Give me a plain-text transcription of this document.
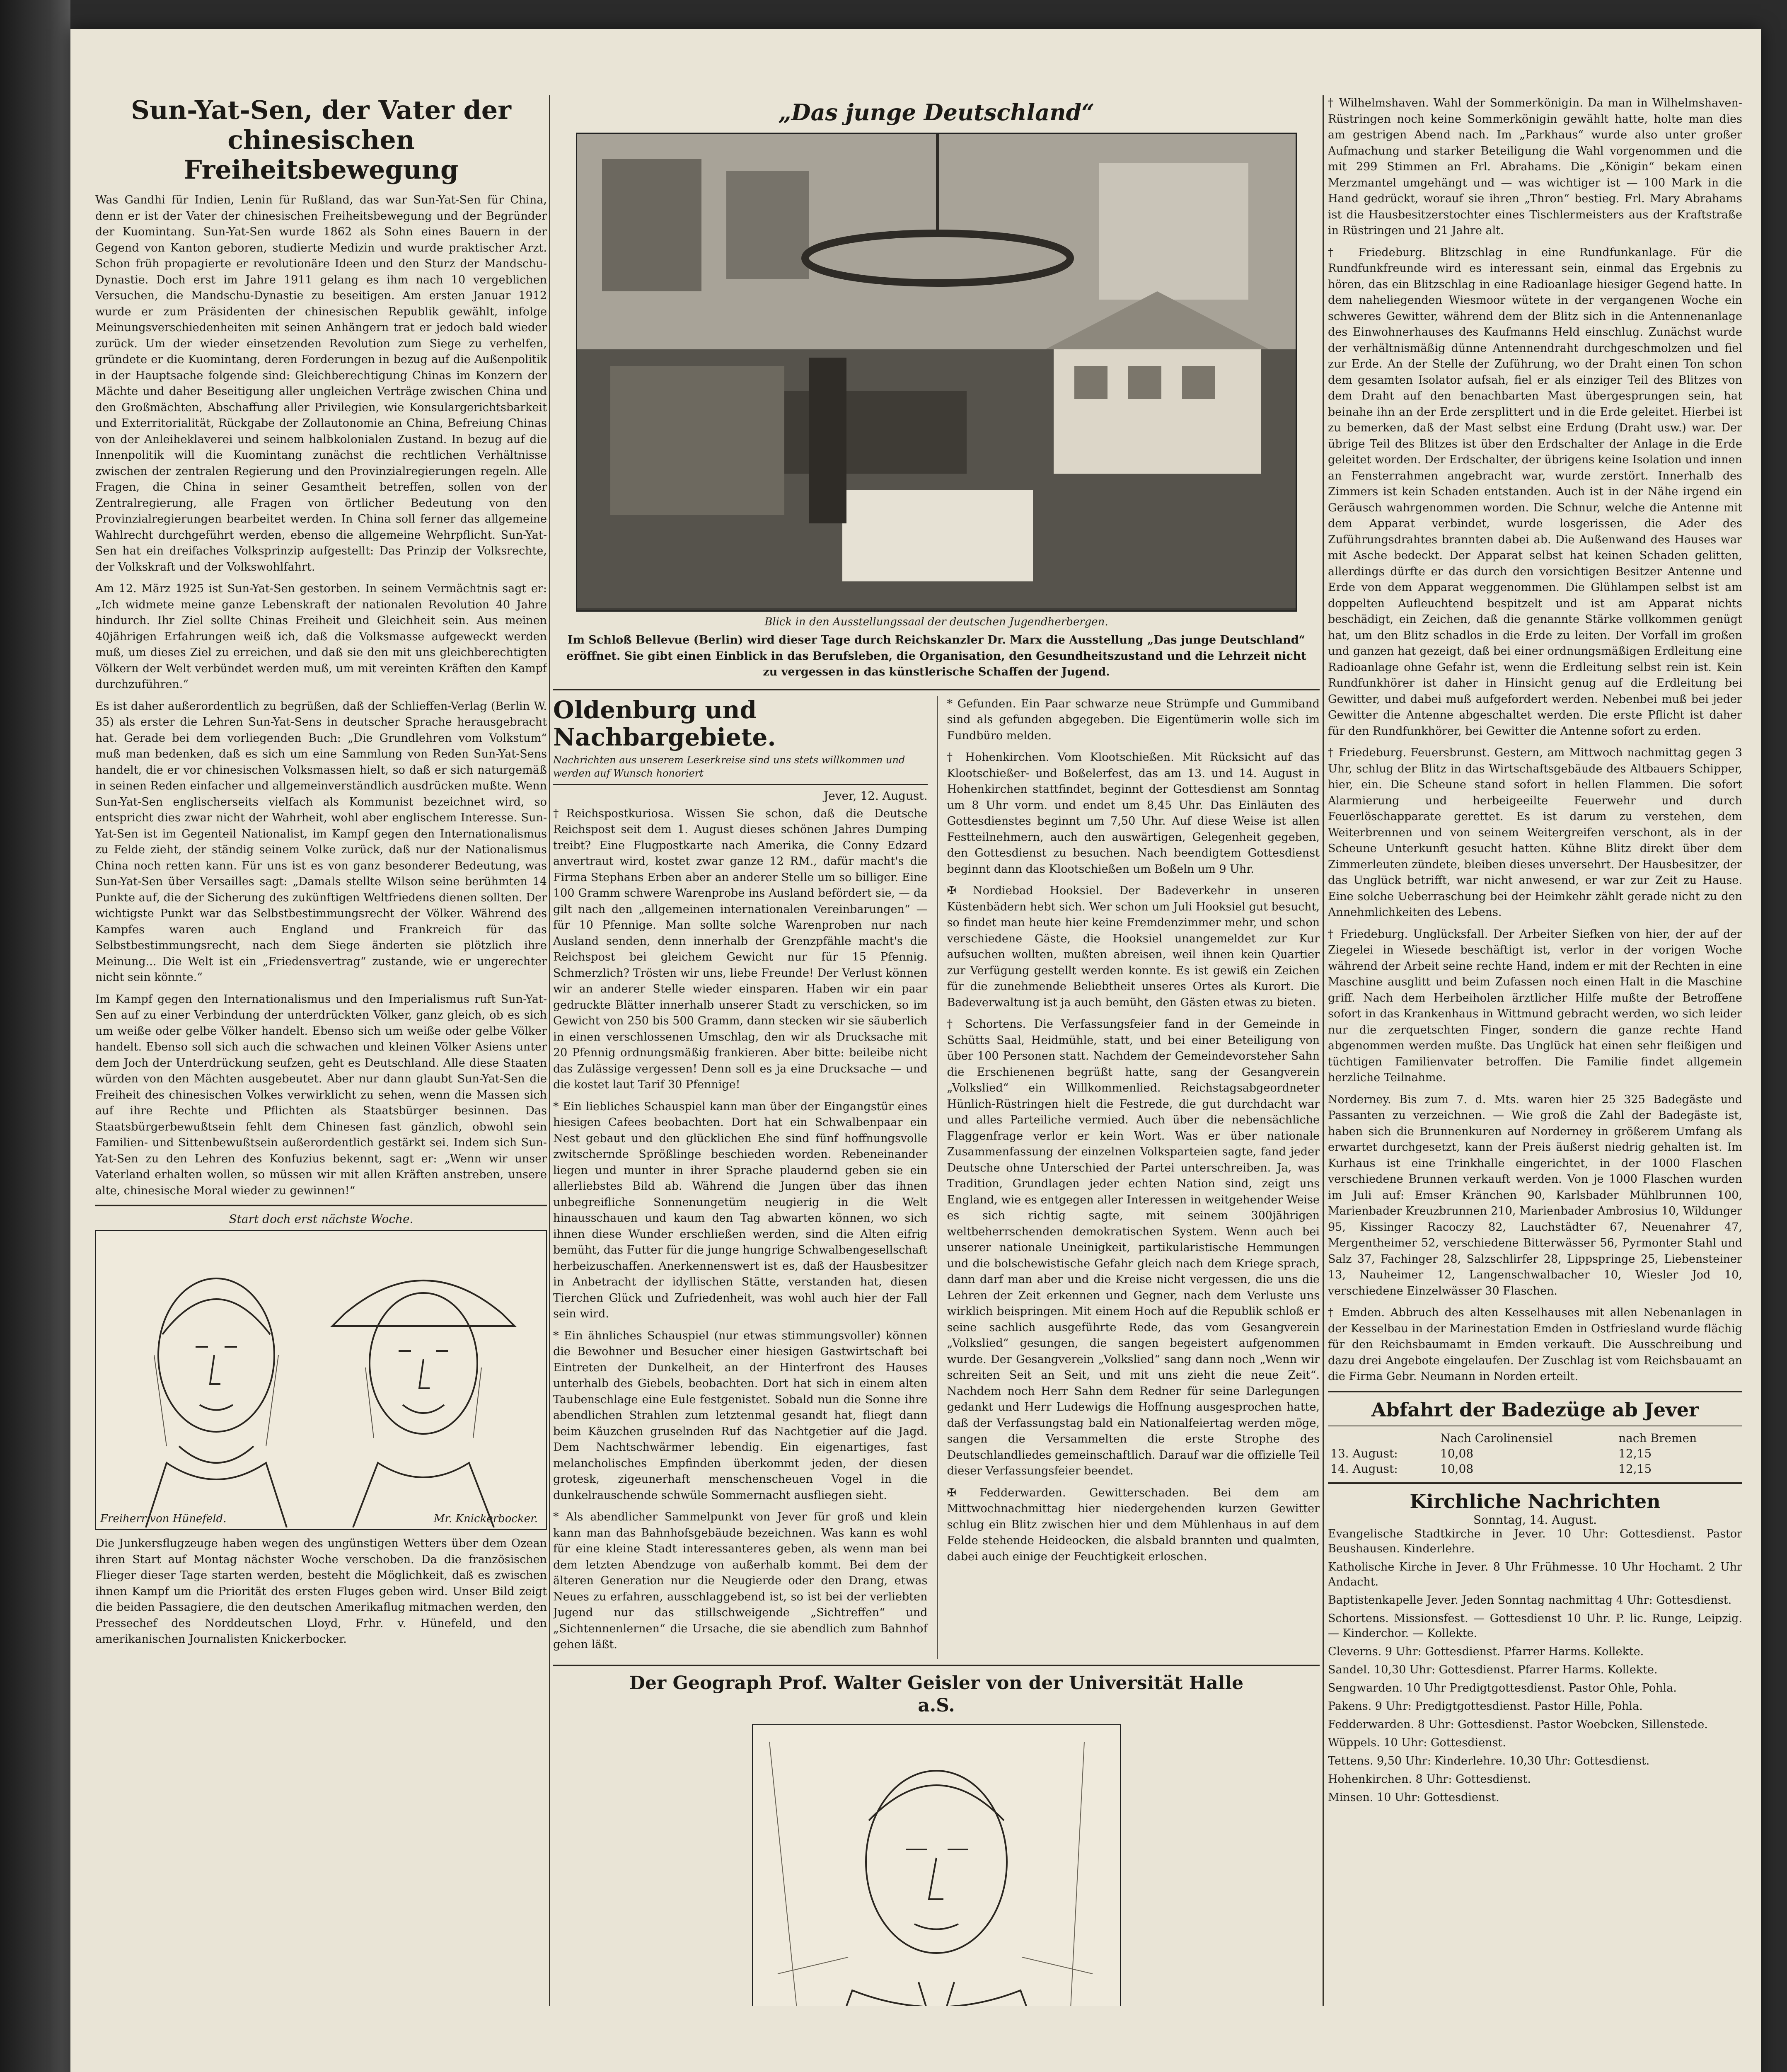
Sun-Yat-Sen, der Vater der chinesischen Freiheitsbewegung

Was Gandhi für Indien, Lenin für Rußland, das war Sun-Yat-Sen für China, denn er ist der Vater der chinesischen Freiheitsbewegung und der Begründer der Kuomintang. Sun-Yat-Sen wurde 1862 als Sohn eines Bauern in der Gegend von Kanton geboren, studierte Medizin und wurde praktischer Arzt. Schon früh propagierte er revolutionäre Ideen und den Sturz der Mandschu-Dynastie. Doch erst im Jahre 1911 gelang es ihm nach 10 vergeblichen Versuchen, die Mandschu-Dynastie zu beseitigen. Am ersten Januar 1912 wurde er zum Präsidenten der chinesischen Republik gewählt, infolge Meinungsverschiedenheiten mit seinen Anhängern trat er jedoch bald wieder zurück. Um der wieder einsetzenden Revolution zum Siege zu verhelfen, gründete er die Kuomintang, deren Forderungen in bezug auf die Außenpolitik in der Hauptsache folgende sind: Gleichberechtigung Chinas im Konzern der Mächte und daher Beseitigung aller ungleichen Verträge zwischen China und den Großmächten, Abschaffung aller Privilegien, wie Konsulargerichtsbarkeit und Exterritorialität, Rückgabe der Zollautonomie an China, Befreiung Chinas von der Anleiheklaverei und seinem halbkolonialen Zustand. In bezug auf die Innenpolitik will die Kuomintang zunächst die rechtlichen Verhältnisse zwischen der zentralen Regierung und den Provinzialregierungen regeln. Alle Fragen, die China in seiner Gesamtheit betreffen, sollen von der Zentralregierung, alle Fragen von örtlicher Bedeutung von den Provinzialregierungen bearbeitet werden. In China soll ferner das allgemeine Wahlrecht durchgeführt werden, ebenso die allgemeine Wehrpflicht. Sun-Yat-Sen hat ein dreifaches Volksprinzip aufgestellt: Das Prinzip der Volksrechte, der Volkskraft und der Volkswohlfahrt.

Am 12. März 1925 ist Sun-Yat-Sen gestorben. In seinem Vermächtnis sagt er: „Ich widmete meine ganze Lebenskraft der nationalen Revolution 40 Jahre hindurch. Ihr Ziel sollte Chinas Freiheit und Gleichheit sein. Aus meinen 40jährigen Erfahrungen weiß ich, daß die Volksmasse aufgeweckt werden muß, um dieses Ziel zu erreichen, und daß sie den mit uns gleichberechtigten Völkern der Welt verbündet werden muß, um mit vereinten Kräften den Kampf durchzuführen.“

Es ist daher außerordentlich zu begrüßen, daß der Schlieffen-Verlag (Berlin W. 35) als erster die Lehren Sun-Yat-Sens in deutscher Sprache herausgebracht hat. Gerade bei dem vorliegenden Buch: „Die Grundlehren vom Volkstum“ muß man bedenken, daß es sich um eine Sammlung von Reden Sun-Yat-Sens handelt, die er vor chinesischen Volksmassen hielt, so daß er sich naturgemäß in seinen Reden einfacher und allgemeinverständlich ausdrücken mußte. Wenn Sun-Yat-Sen englischerseits vielfach als Kommunist bezeichnet wird, so entspricht dies zwar nicht der Wahrheit, wohl aber englischem Interesse. Sun-Yat-Sen ist im Gegenteil Nationalist, im Kampf gegen den Internationalismus zu Felde zieht, der ständig seinem Volke zurück, daß nur der Nationalismus China noch retten kann. Für uns ist es von ganz besonderer Bedeutung, was Sun-Yat-Sen über Versailles sagt: „Damals stellte Wilson seine berühmten 14 Punkte auf, die der Sicherung des zukünftigen Weltfriedens dienen sollten. Der wichtigste Punkt war das Selbstbestimmungsrecht der Völker. Während des Kampfes waren auch England und Frankreich für das Selbstbestimmungsrecht, nach dem Siege änderten sie plötzlich ihre Meinung... Die Welt ist ein „Friedensvertrag“ zustande, wie er ungerechter nicht sein könnte.“

Im Kampf gegen den Internationalismus und den Imperialismus ruft Sun-Yat-Sen auf zu einer Verbindung der unterdrückten Völker, ganz gleich, ob es sich um weiße oder gelbe Völker handelt. Ebenso sich um weiße oder gelbe Völker handelt. Ebenso soll sich auch die schwachen und kleinen Völker Asiens unter dem Joch der Unterdrückung seufzen, geht es Deutschland. Alle diese Staaten würden von den Mächten ausgebeutet. Aber nur dann glaubt Sun-Yat-Sen die Freiheit des chinesischen Volkes verwirklicht zu sehen, wenn die Massen sich auf ihre Rechte und Pflichten als Staatsbürger besinnen. Das Staatsbürgerbewußtsein fehlt dem Chinesen fast gänzlich, obwohl sein Familien- und Sittenbewußtsein außerordentlich gestärkt sei. Indem sich Sun-Yat-Sen zu den Lehren des Konfuzius bekennt, sagt er: „Wenn wir unser Vaterland erhalten wollen, so müssen wir mit allen Kräften anstreben, unsere alte, chinesische Moral wieder zu gewinnen!“

Start doch erst nächste Woche.
Freiherr von Hünefeld.	Mr. Knickerbocker.

Die Junkersflugzeuge haben wegen des ungünstigen Wetters über dem Ozean ihren Start auf Montag nächster Woche verschoben. Da die französischen Flieger dieser Tage starten werden, besteht die Möglichkeit, daß es zwischen ihnen Kampf um die Priorität des ersten Fluges geben wird. Unser Bild zeigt die beiden Passagiere, die den deutschen Amerikaflug mitmachen werden, den Pressechef des Norddeutschen Lloyd, Frhr. v. Hünefeld, und den amerikanischen Journalisten Knickerbocker.

„Das junge Deutschland“
Blick in den Ausstellungssaal der deutschen Jugendherbergen.

Im Schloß Bellevue (Berlin) wird dieser Tage durch Reichskanzler Dr. Marx die Ausstellung „Das junge Deutschland“ eröffnet. Sie gibt einen Einblick in das Berufsleben, die Organisation, den Gesundheitszustand und die Lehrzeit nicht zu vergessen in das künstlerische Schaffen der Jugend.

Oldenburg und Nachbargebiete.
Nachrichten aus unserem Leserkreise sind uns stets willkommen und werden auf Wunsch honoriert
Jever, 12. August.

†Reichspostkuriosa. Wissen Sie schon, daß die Deutsche Reichspost seit dem 1. August dieses schönen Jahres Dumping treibt? Eine Flugpostkarte nach Amerika, die Conny Edzard anvertraut wird, kostet zwar ganze 12 RM., dafür macht's die Firma Stephans Erben aber an anderer Stelle um so billiger. Eine 100 Gramm schwere Warenprobe ins Ausland befördert sie, — da gilt nach den „allgemeinen internationalen Vereinbarungen“ — für 10 Pfennige. Man sollte solche Warenproben nur nach Ausland senden, denn innerhalb der Grenzpfähle macht's die Reichspost bei gleichem Gewicht nur für 15 Pfennig. Schmerzlich? Trösten wir uns, liebe Freunde! Der Verlust können wir an anderer Stelle wieder einsparen. Haben wir ein paar gedruckte Blätter innerhalb unserer Stadt zu verschicken, so im Gewicht von 250 bis 500 Gramm, dann stecken wir sie säuberlich in einen verschlossenen Umschlag, den wir als Drucksache mit 20 Pfennig ordnungsmäßig frankieren. Aber bitte: beileibe nicht das Zulässige vergessen! Denn soll es ja eine Drucksache — und die kostet laut Tarif 30 Pfennige!

* Ein liebliches Schauspiel kann man über der Eingangstür eines hiesigen Cafees beobachten. Dort hat ein Schwalbenpaar ein Nest gebaut und den glücklichen Ehe sind fünf hoffnungsvolle zwitschernde Sprößlinge beschieden worden. Rebeneinander liegen und munter in ihrer Sprache plaudernd geben sie ein allerliebstes Bild ab. Während die Jungen über das ihnen unbegreifliche Sonnenungetüm neugierig in die Welt hinausschauen und kaum den Tag abwarten können, wo sich ihnen diese Wunder erschließen werden, sind die Alten eifrig bemüht, das Futter für die junge hungrige Schwalbengesellschaft herbeizuschaffen. Anerkennenswert ist es, daß der Hausbesitzer in Anbetracht der idyllischen Stätte, verstanden hat, diesen Tierchen Glück und Zufriedenheit, was wohl auch hier der Fall sein wird.

* Ein ähnliches Schauspiel (nur etwas stimmungsvoller) können die Bewohner und Besucher einer hiesigen Gastwirtschaft bei Eintreten der Dunkelheit, an der Hinterfront des Hauses unterhalb des Giebels, beobachten. Dort hat sich in einem alten Taubenschlage eine Eule festgenistet. Sobald nun die Sonne ihre abendlichen Strahlen zum letztenmal gesandt hat, fliegt dann beim Käuzchen gruselnden Ruf das Nachtgetier auf die Jagd. Dem Nachtschwärmer lebendig. Ein eigenartiges, fast melancholisches Empfinden überkommt jeden, der diesen grotesk, zigeunerhaft menschenscheuen Vogel in die dunkelrauschende schwüle Sommernacht ausfliegen sieht.

* Als abendlicher Sammelpunkt von Jever für groß und klein kann man das Bahnhofsgebäude bezeichnen. Was kann es wohl für eine kleine Stadt interessanteres geben, als wenn man bei dem letzten Abendzuge von außerhalb kommt. Bei dem der älteren Generation nur die Neugierde oder den Drang, etwas Neues zu erfahren, ausschlaggebend ist, so ist bei der verliebten Jugend nur das stillschweigende „Sichtreffen“ und „Sichtennenlernen“ die Ursache, die sie abendlich zum Bahnhof gehen läßt.

* Gefunden. Ein Paar schwarze neue Strümpfe und Gummiband sind als gefunden abgegeben. Die Eigentümerin wolle sich im Fundbüro melden.

† Hohenkirchen. Vom Klootschießen. Mit Rücksicht auf das Klootschießer- und Boßelerfest, das am 13. und 14. August in Hohenkirchen stattfindet, beginnt der Gottesdienst am Sonntag um 8 Uhr vorm. und endet um 8,45 Uhr. Das Einläuten des Gottesdienstes beginnt um 7,50 Uhr. Auf diese Weise ist allen Festteilnehmern, auch den auswärtigen, Gelegenheit gegeben, den Gottesdienst zu besuchen. Nach beendigtem Gottesdienst beginnt dann das Klootschießen um Boßeln um 9 Uhr.

✠ Nordiebad Hooksiel. Der Badeverkehr in unseren Küstenbädern hebt sich. Wer schon um Juli Hooksiel gut besucht, so findet man heute hier keine Fremdenzimmer mehr, und schon verschiedene Gäste, die Hooksiel unangemeldet zur Kur aufsuchen wollten, mußten abreisen, weil ihnen kein Quartier zur Verfügung gestellt werden konnte. Es ist gewiß ein Zeichen für die zunehmende Beliebtheit unseres Ortes als Kurort. Die Badeverwaltung ist ja auch bemüht, den Gästen etwas zu bieten.

† Schortens. Die Verfassungsfeier fand in der Gemeinde in Schütts Saal, Heidmühle, statt, und bei einer Beteiligung von über 100 Personen statt. Nachdem der Gemeindevorsteher Sahn die Erschienenen begrüßt hatte, sang der Gesangverein „Volkslied“ ein Willkommenlied. Reichstagsabgeordneter Hünlich-Rüstringen hielt die Festrede, die gut durchdacht war und alles Parteiliche vermied. Auch über die nebensächliche Flaggenfrage verlor er kein Wort. Was er über nationale Zusammenfassung der einzelnen Volksparteien sagte, fand jeder Deutsche ohne Unterschied der Partei unterschreiben. Ja, was Tradition, Grundlagen jeder echten Nation sind, zeigt uns England, wie es entgegen aller Interessen in weitgehender Weise es sich richtig sagte, mit seinem 300jährigen weltbeherrschenden demokratischen System. Wenn auch bei unserer nationale Uneinigkeit, partikularistische Hemmungen und die bolschewistische Gefahr gleich nach dem Kriege sprach, dann darf man aber und die Kreise nicht vergessen, die uns die Lehren der Zeit erkennen und Gegner, nach dem Verluste uns wirklich beispringen. Mit einem Hoch auf die Republik schloß er seine sachlich ausgeführte Rede, das vom Gesangverein „Volkslied“ gesungen, die sangen begeistert aufgenommen wurde. Der Gesangverein „Volkslied“ sang dann noch „Wenn wir schreiten Seit an Seit, und mit uns zieht die neue Zeit“. Nachdem noch Herr Sahn dem Redner für seine Darlegungen gedankt und Herr Ludewigs die Hoffnung ausgesprochen hatte, daß der Verfassungstag bald ein Nationalfeiertag werden möge, sangen die Versammelten die erste Strophe des Deutschlandliedes gemeinschaftlich. Darauf war die offizielle Teil dieser Verfassungsfeier beendet.

✠ Fedderwarden. Gewitterschaden. Bei dem am Mittwochnachmittag hier niedergehenden kurzen Gewitter schlug ein Blitz zwischen hier und dem Mühlenhaus in auf dem Felde stehende Heideocken, die alsbald brannten und qualmten, dabei auch einige der Feuchtigkeit erloschen.

Der Geograph Prof. Walter Geisler von der Universität Halle a.S.

† Wilhelmshaven. Wahl der Sommerkönigin. Da man in Wilhelmshaven-Rüstringen noch keine Sommerkönigin gewählt hatte, holte man dies am gestrigen Abend nach. Im „Parkhaus“ wurde also unter großer Aufmachung und starker Beteiligung die Wahl vorgenommen und die mit 299 Stimmen an Frl. Abrahams. Die „Königin“ bekam einen Merzmantel umgehängt und — was wichtiger ist — 100 Mark in die Hand gedrückt, worauf sie ihren „Thron“ bestieg. Frl. Mary Abrahams ist die Hausbesitzerstochter eines Tischlermeisters aus der Kraftstraße in Rüstringen und 21 Jahre alt.

† Friedeburg. Blitzschlag in eine Rundfunkanlage. Für die Rundfunkfreunde wird es interessant sein, einmal das Ergebnis zu hören, das ein Blitzschlag in eine Radioanlage hiesiger Gegend hatte. In dem naheliegenden Wiesmoor wütete in der vergangenen Woche ein schweres Gewitter, während dem der Blitz sich in die Antennenanlage des Einwohnerhauses des Kaufmanns Held einschlug. Zunächst wurde der verhältnismäßig dünne Antennendraht durchgeschmolzen und fiel zur Erde. An der Stelle der Zuführung, wo der Draht einen Ton schon dem gesamten Isolator aufsah, fiel er als einziger Teil des Blitzes von dem Draht auf den benachbarten Mast übergesprungen sein, hat beinahe ihn an der Erde zersplittert und in die Erde geleitet. Hierbei ist zu bemerken, daß der Mast selbst eine Erdung (Draht usw.) war. Der übrige Teil des Blitzes ist über den Erdschalter der Anlage in die Erde geleitet worden. Der Erdschalter, der übrigens keine Isolation und innen an Fensterrahmen angebracht war, wurde zerstört. Innerhalb des Zimmers ist kein Schaden entstanden. Auch ist in der Nähe irgend ein Geräusch wahrgenommen worden. Die Schnur, welche die Antenne mit dem Apparat verbindet, wurde losgerissen, die Ader des Zuführungsdrahtes brannten dabei ab. Die Außenwand des Hauses war mit Asche bedeckt. Der Apparat selbst hat keinen Schaden gelitten, allerdings dürfte er das durch den vorsichtigen Besitzer Antenne und Erde von dem Apparat weggenommen. Die Glühlampen selbst ist am doppelten Aufleuchtend bespitzelt und ist am Apparat nichts beschädigt, ein Zeichen, daß die genannte Stärke vollkommen genügt hat, um den Blitz schadlos in die Erde zu leiten. Der Vorfall im großen und ganzen hat gezeigt, daß bei einer ordnungsmäßigen Erdleitung eine Radioanlage ohne Gefahr ist, wenn die Erdleitung selbst rein ist. Kein Rundfunkhörer ist daher in Hinsicht genug auf die Erdleitung bei Gewitter, und dabei muß aufgefordert werden. Nebenbei muß bei jeder Gewitter die Antenne abgeschaltet werden. Die erste Pflicht ist daher für den Rundfunkhörer, bei Gewitter die Antenne sofort zu erden.

† Friedeburg. Feuersbrunst. Gestern, am Mittwoch nachmittag gegen 3 Uhr, schlug der Blitz in das Wirtschaftsgebäude des Altbauers Schipper, hier, ein. Die Scheune stand sofort in hellen Flammen. Die sofort Alarmierung und herbeigeeilte Feuerwehr und durch Feuerlöschapparate gerettet. Es ist darum zu verstehen, dem Weiterbrennen und von seinem Weitergreifen verschont, als in der Scheune Unterkunft gesucht hatten. Kühne Blitz direkt über dem Zimmerleuten zündete, bleiben dieses unversehrt. Der Hausbesitzer, der das Unglück betrifft, war nicht anwesend, er war zur Zeit zu Hause. Eine solche Ueberraschung bei der Heimkehr zählt gerade nicht zu den Annehmlichkeiten des Lebens.

† Friedeburg. Unglücksfall. Der Arbeiter Siefken von hier, der auf der Ziegelei in Wiesede beschäftigt ist, verlor in der vorigen Woche während der Arbeit seine rechte Hand, indem er mit der Rechten in eine Maschine ausglitt und beim Zufassen noch einen Halt in die Maschine griff. Nach dem Herbeiholen ärztlicher Hilfe mußte der Betroffene sofort in das Krankenhaus in Wittmund gebracht werden, wo sich leider nur die zerquetschten Finger, sondern die ganze rechte Hand abgenommen werden mußte. Das Unglück hat einen sehr fleißigen und tüchtigen Familienvater betroffen. Die Familie findet allgemein herzliche Teilnahme.

Norderney. Bis zum 7. d. Mts. waren hier 25 325 Badegäste und Passanten zu verzeichnen. — Wie groß die Zahl der Badegäste ist, haben sich die Brunnenkuren auf Norderney in größerem Umfang als erwartet durchgesetzt, kann der Preis äußerst niedrig gehalten ist. Im Kurhaus ist eine Trinkhalle eingerichtet, in der 1000 Flaschen verschiedene Brunnen verkauft werden. Von je 1000 Flaschen wurden im Juli auf: Emser Kränchen 90, Karlsbader Mühlbrunnen 100, Marienbader Kreuzbrunnen 210, Marienbader Ambrosius 10, Wildunger 95, Kissinger Racoczy 82, Lauchstädter 67, Neuenahrer 47, Mergentheimer 52, verschiedene Bitterwässer 56, Pyrmonter Stahl und Salz 37, Fachinger 28, Salzschlirfer 28, Lippspringe 25, Liebensteiner 13, Nauheimer 12, Langenschwalbacher 10, Wiesler Jod 10, verschiedene Einzelwässer 30 Flaschen.

† Emden. Abbruch des alten Kesselhauses mit allen Nebenanlagen in der Kesselbau in der Marinestation Emden in Ostfriesland wurde flächig für den Reichsbaumamt in Emden verkauft. Die Ausschreibung und dazu drei Angebote eingelaufen. Der Zuschlag ist vom Reichsbauamt an die Firma Gebr. Neumann in Norden erteilt.

Abfahrt der Badezüge ab Jever
	Nach Carolinensiel	nach Bremen
13. August:	10,08	12,15
14. August:	10,08	12,15
Kirchliche Nachrichten
Sonntag, 14. August.

Evangelische Stadtkirche in Jever. 10 Uhr: Gottesdienst. Pastor Beushausen. Kinderlehre.

Katholische Kirche in Jever. 8 Uhr Frühmesse. 10 Uhr Hochamt. 2 Uhr Andacht.

Baptistenkapelle Jever. Jeden Sonntag nachmittag 4 Uhr: Gottesdienst.

Schortens. Missionsfest. — Gottesdienst 10 Uhr. P. lic. Runge, Leipzig. — Kinderchor. — Kollekte.

Cleverns. 9 Uhr: Gottesdienst. Pfarrer Harms. Kollekte.

Sandel. 10,30 Uhr: Gottesdienst. Pfarrer Harms. Kollekte.

Sengwarden. 10 Uhr Predigtgottesdienst. Pastor Ohle, Pohla.

Pakens. 9 Uhr: Predigtgottesdienst. Pastor Hille, Pohla.

Fedderwarden. 8 Uhr: Gottesdienst. Pastor Woebcken, Sillenstede.

Wüppels. 10 Uhr: Gottesdienst.

Tettens. 9,50 Uhr: Kinderlehre. 10,30 Uhr: Gottesdienst.

Hohenkirchen. 8 Uhr: Gottesdienst.

Minsen. 10 Uhr: Gottesdienst.
